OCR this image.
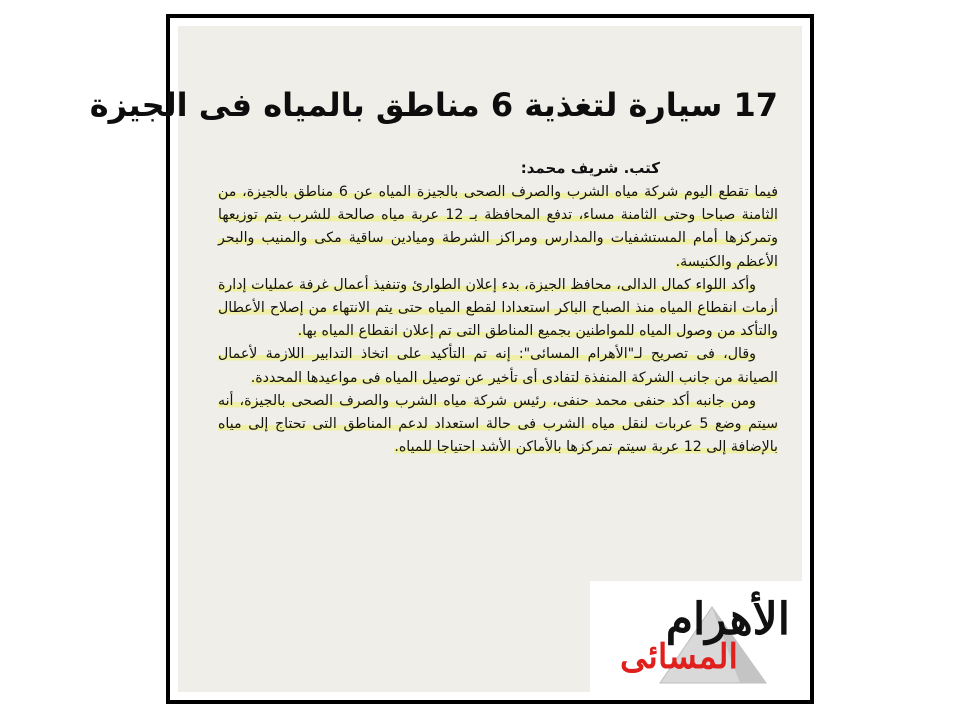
17 سيارة لتغذية 6 مناطق بالمياه فى الجيزة
كتب. شريف محمد:

فيما تقطع اليوم شركة مياه الشرب والصرف الصحى بالجيزة المياه عن 6 مناطق بالجيزة، من الثامنة صباحا وحتى الثامنة مساء، تدفع المحافظة بـ 12 عربة مياه صالحة للشرب يتم توزيعها وتمركزها أمام المستشفيات والمدارس ومراكز الشرطة وميادين ساقية مكى والمنيب والبحر الأعظم والكنيسة.

وأكد اللواء كمال الدالى، محافظ الجيزة، بدء إعلان الطوارئ وتنفيذ أعمال غرفة عمليات إدارة أزمات انقطاع المياه منذ الصباح الباكر استعدادا لقطع المياه حتى يتم الانتهاء من إصلاح الأعطال والتأكد من وصول المياه للمواطنين بجميع المناطق التى تم إعلان انقطاع المياه بها.

وقال، فى تصريح لـ"الأهرام المسائى": إنه تم التأكيد على اتخاذ التدابير اللازمة لأعمال الصيانة من جانب الشركة المنفذة لتفادى أى تأخير عن توصيل المياه فى مواعيدها المحددة.

ومن جانبه أكد حنفى محمد حنفى، رئيس شركة مياه الشرب والصرف الصحى بالجيزة، أنه سيتم وضع 5 عربات لنقل مياه الشرب فى حالة استعداد لدعم المناطق التى تحتاج إلى مياه بالإضافة إلى 12 عربة سيتم تمركزها بالأماكن الأشد احتياجا للمياه.

الأهرام
المسائى
